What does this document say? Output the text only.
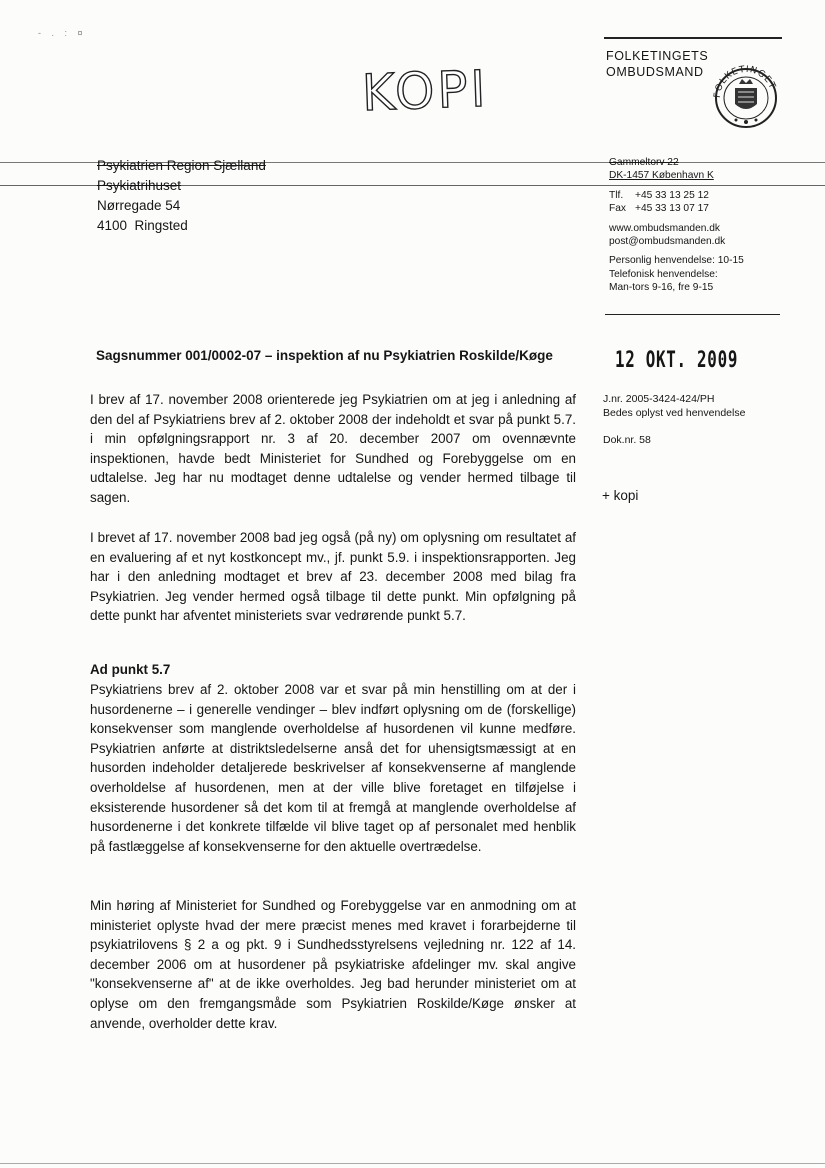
- . : ¤
KOPI
FOLKETINGETS
OMBUDSMAND
FOLKETINGET
Psykiatrien Region Sjælland
Psykiatrihuset
Nørregade 54
4100  Ringsted
Gammeltorv 22
DK-1457 København K
Tlf. +45 33 13 25 12
Fax +45 33 13 07 17
www.ombudsmanden.dk
post@ombudsmanden.dk
Personlig henvendelse: 10-15
Telefonisk henvendelse:
Man-tors 9-16, fre 9-15
Sagsnummer 001/0002-07 – inspektion af nu Psykiatrien Roskilde/Køge	12 OKT. 2009
J.nr. 2005-3424-424/PH
Bedes oplyst ved henvendelse
Dok.nr. 58
+ kopi
I brev af 17. november 2008 orienterede jeg Psykiatrien om at jeg i anledning af den del af Psykiatriens brev af 2. oktober 2008 der indeholdt et svar på punkt 5.7. i min opfølgningsrapport nr. 3 af 20. december 2007 om ovennævnte inspektionen, havde bedt Ministeriet for Sundhed og Forebyggelse om en udtalelse. Jeg har nu modtaget denne udtalelse og vender hermed tilbage til sagen.
I brevet af 17. november 2008 bad jeg også (på ny) om oplysning om resultatet af en evaluering af et nyt kostkoncept mv., jf. punkt 5.9. i inspektionsrapporten. Jeg har i den anledning modtaget et brev af 23. december 2008 med bilag fra Psykiatrien. Jeg vender hermed også tilbage til dette punkt. Min opfølgning på dette punkt har afventet ministeriets svar vedrørende punkt 5.7.
Ad punkt 5.7
Psykiatriens brev af 2. oktober 2008 var et svar på min henstilling om at der i husordenerne – i generelle vendinger – blev indført oplysning om de (forskellige) konsekvenser som manglende overholdelse af husordenen vil kunne medføre. Psykiatrien anførte at distriktsledelserne anså det for uhensigtsmæssigt at en husorden indeholder detaljerede beskrivelser af konsekvenserne af manglende overholdelse af husordenen, men at der ville blive foretaget en tilføjelse i eksisterende husordener så det kom til at fremgå at manglende overholdelse af husordenerne i det konkrete tilfælde vil blive taget op af personalet med henblik på fastlæggelse af konsekvenserne for den aktuelle overtrædelse.
Min høring af Ministeriet for Sundhed og Forebyggelse var en anmodning om at ministeriet oplyste hvad der mere præcist menes med kravet i forarbejderne til psykiatrilovens § 2 a og pkt. 9 i Sundhedsstyrelsens vejledning nr. 122 af 14. december 2006 om at husordener på psykiatriske afdelinger mv. skal angive "konsekvenserne af" at de ikke overholdes. Jeg bad herunder ministeriet om at oplyse om den fremgangsmåde som Psykiatrien Roskilde/Køge ønsker at anvende, overholder dette krav.
